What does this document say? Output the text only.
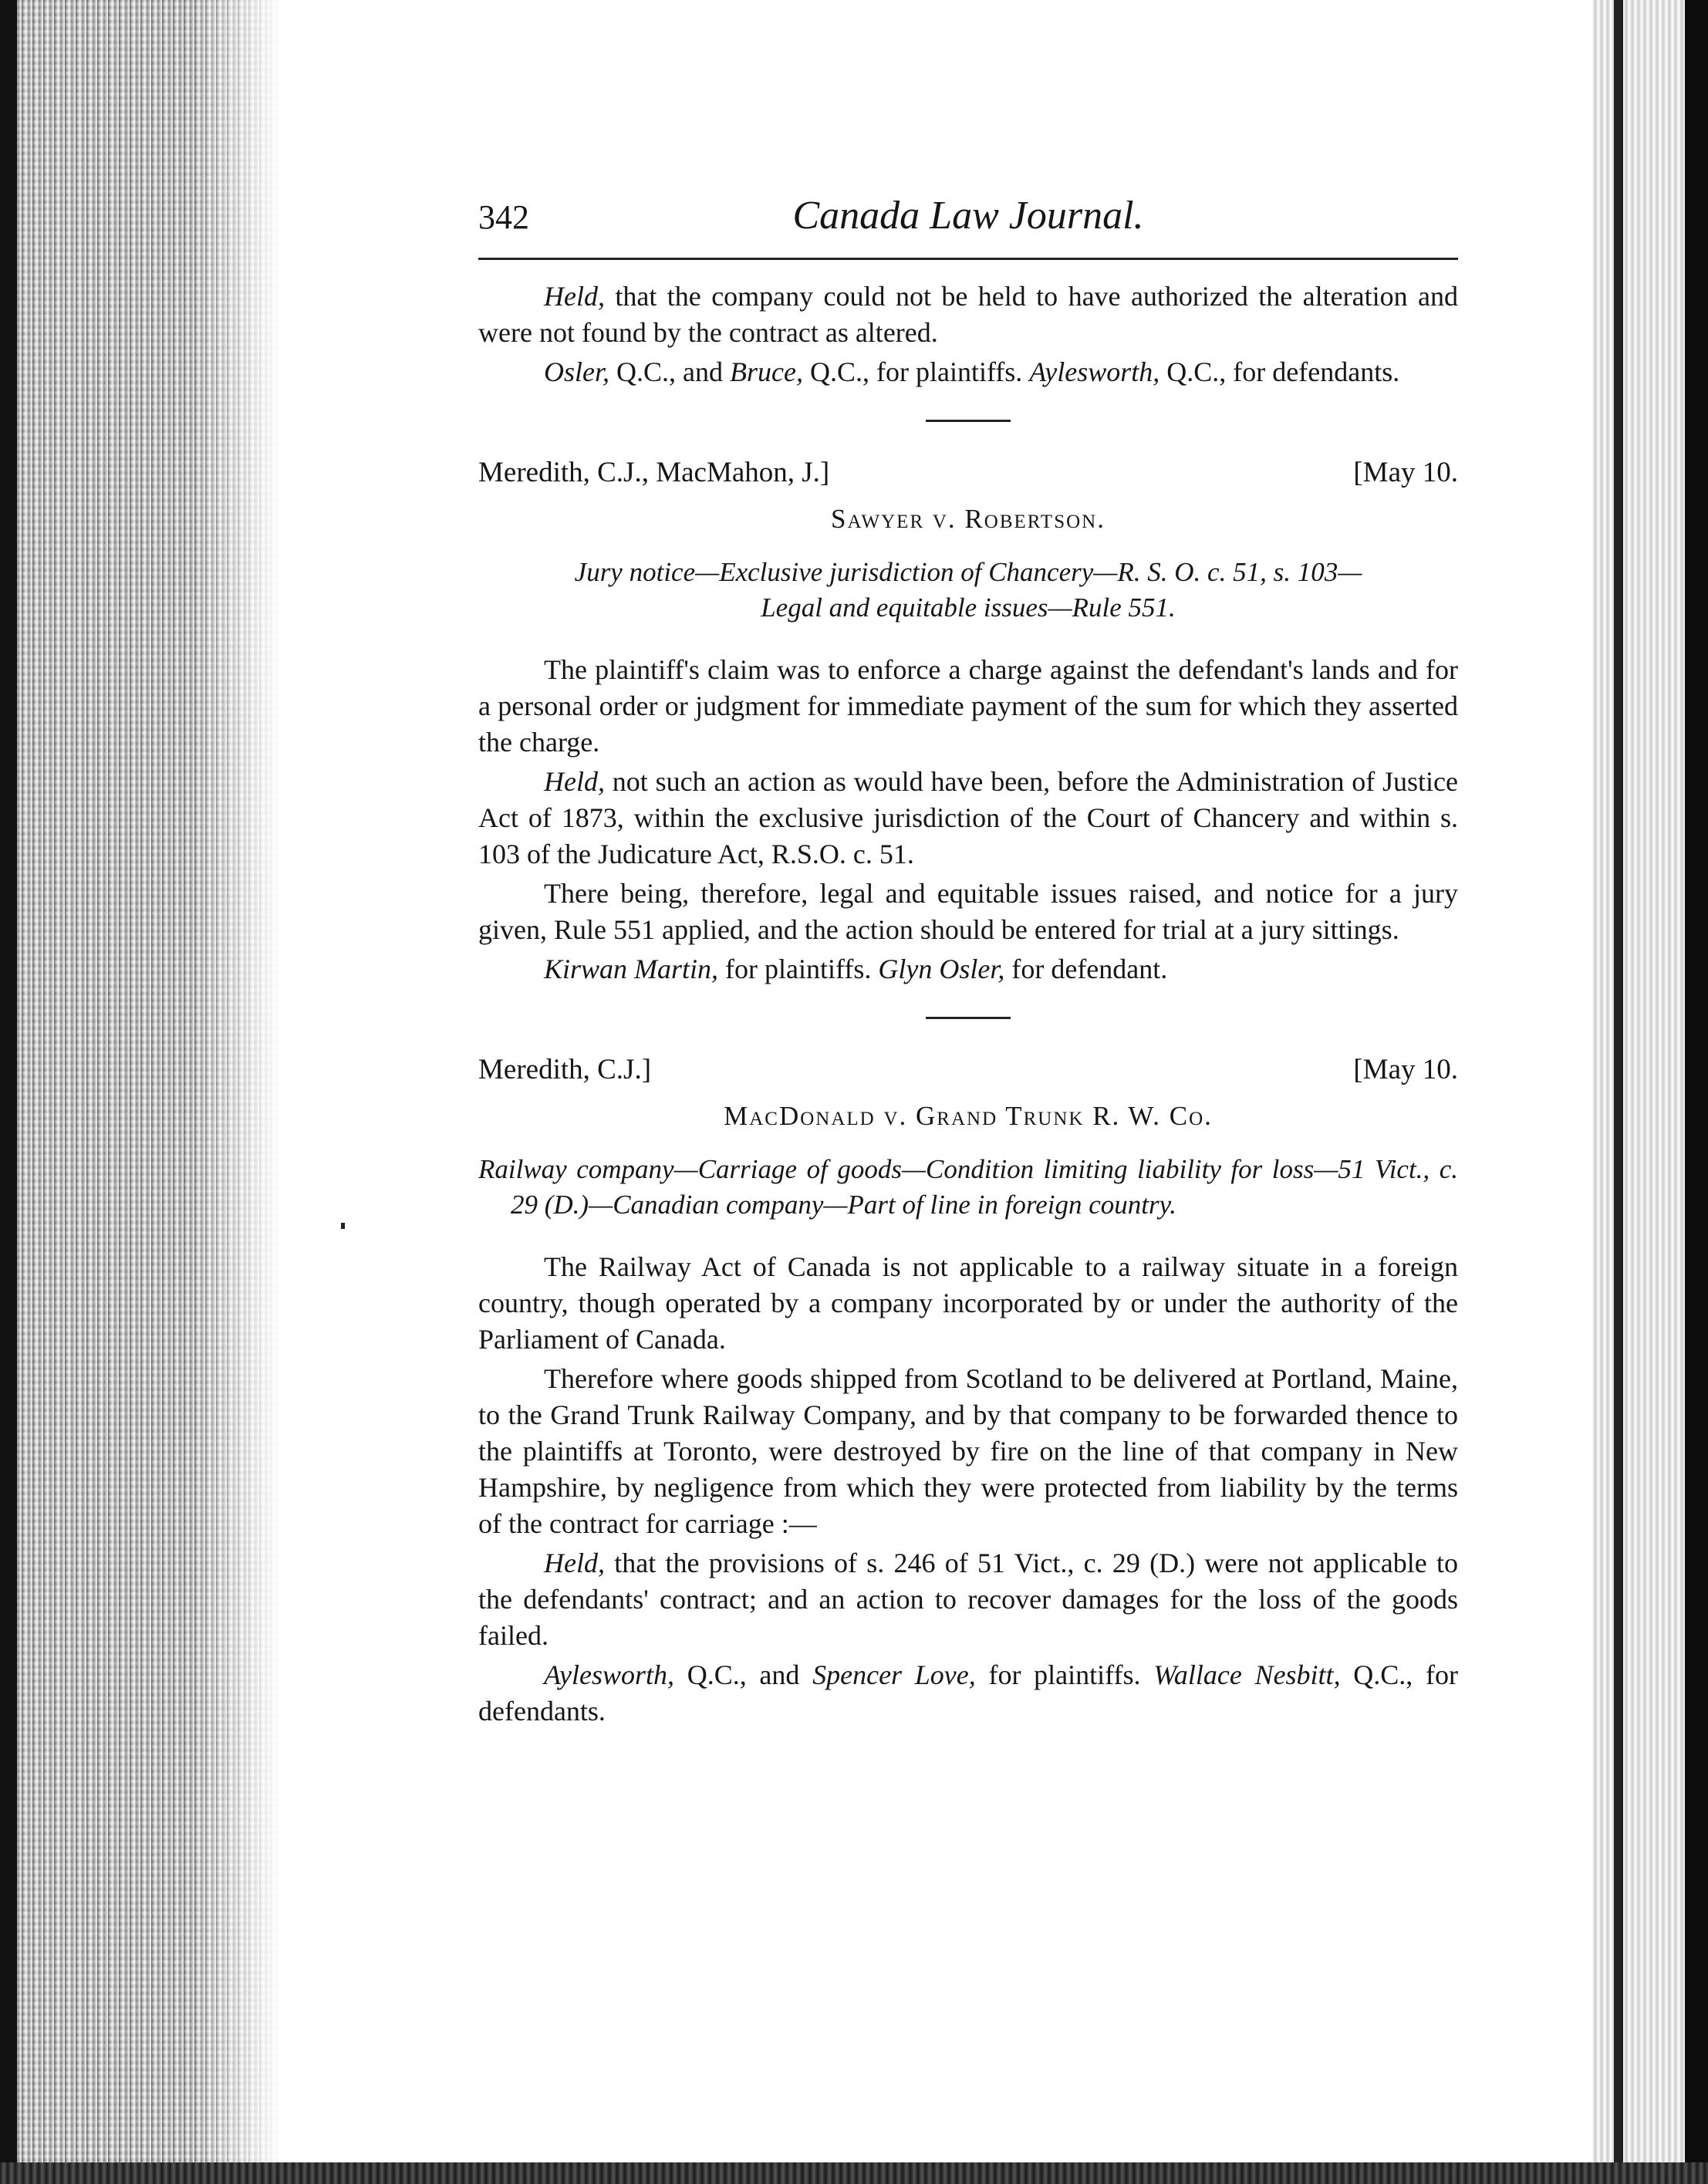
342	Canada Law Journal.

Held, that the company could not be held to have authorized the alteration and were not found by the contract as altered.

Osler, Q.C., and Bruce, Q.C., for plaintiffs. Aylesworth, Q.C., for defendants.

Meredith, C.J., MacMahon, J.]	[May 10.
Sawyer v. Robertson.
Jury notice—Exclusive jurisdiction of Chancery—R. S. O. c. 51, s. 103—
Legal and equitable issues—Rule 551.

The plaintiff's claim was to enforce a charge against the defendant's lands and for a personal order or judgment for immediate payment of the sum for which they asserted the charge.

Held, not such an action as would have been, before the Administration of Justice Act of 1873, within the exclusive jurisdiction of the Court of Chancery and within s. 103 of the Judicature Act, R.S.O. c. 51.

There being, therefore, legal and equitable issues raised, and notice for a jury given, Rule 551 applied, and the action should be entered for trial at a jury sittings.

Kirwan Martin, for plaintiffs. Glyn Osler, for defendant.

Meredith, C.J.]	[May 10.
MacDonald v. Grand Trunk R. W. Co.
Railway company—Carriage of goods—Condition limiting liability for loss—51 Vict., c. 29 (D.)—Canadian company—Part of line in foreign country.

The Railway Act of Canada is not applicable to a railway situate in a foreign country, though operated by a company incorporated by or under the authority of the Parliament of Canada.

Therefore where goods shipped from Scotland to be delivered at Portland, Maine, to the Grand Trunk Railway Company, and by that company to be forwarded thence to the plaintiffs at Toronto, were destroyed by fire on the line of that company in New Hampshire, by negligence from which they were protected from liability by the terms of the contract for carriage :—

Held, that the provisions of s. 246 of 51 Vict., c. 29 (D.) were not applicable to the defendants' contract; and an action to recover damages for the loss of the goods failed.

Aylesworth, Q.C., and Spencer Love, for plaintiffs. Wallace Nesbitt, Q.C., for defendants.
